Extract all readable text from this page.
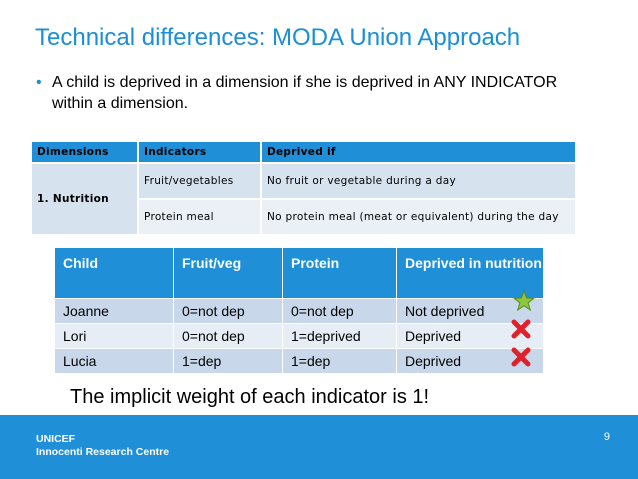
Technical differences: MODA Union Approach
• A child is deprived in a dimension if she is deprived in ANY INDICATOR within a dimension.
Dimensions	Indicators	Deprived if
1. Nutrition	Fruit/vegetables	No fruit or vegetable during a day
	Protein meal	No protein meal (meat or equivalent) during the day
Child	Fruit/veg	Protein	Deprived in nutrition
Joanne	0=not dep	0=not dep	Not deprived
Lori	0=not dep	1=deprived	Deprived
Lucia	1=dep	1=dep	Deprived
The implicit weight of each indicator is 1!
UNICEF
Innocenti Research Centre
9
